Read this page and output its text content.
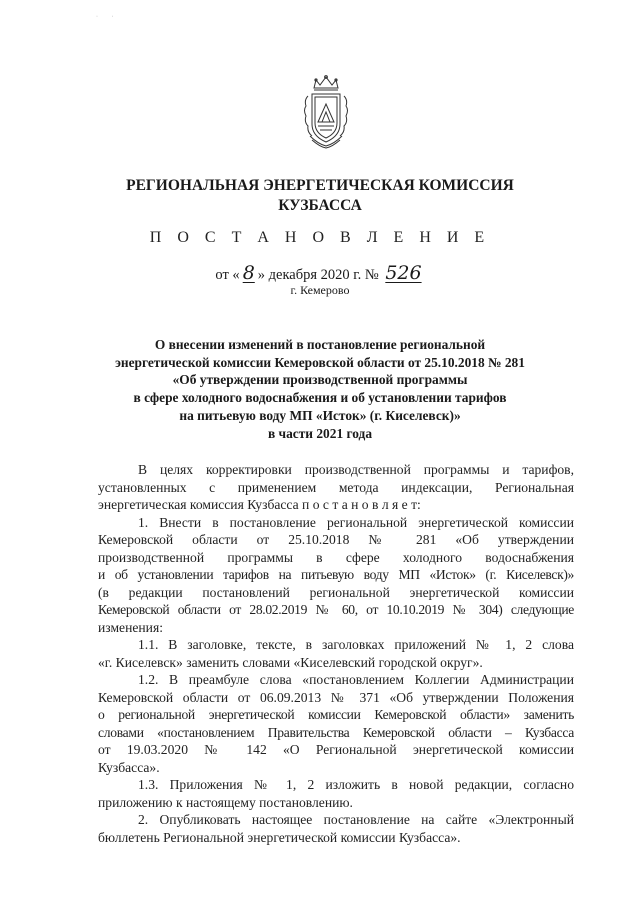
· ·
РЕГИОНАЛЬНАЯ ЭНЕРГЕТИЧЕСКАЯ КОМИССИЯ
КУЗБАССА
П О С Т А Н О В Л Е Н И Е
от « 8 » декабря 2020 г. № 526
г. Кемерово
О внесении изменений в постановление региональной
энергетической комиссии Кемеровской области от 25.10.2018 № 281
«Об утверждении производственной программы
в сфере холодного водоснабжения и об установлении тарифов
на питьевую воду МП «Исток» (г. Киселевск)»
в части 2021 года
В целях корректировки производственной программы и тарифов,
установленных с применением метода индексации, Региональная
энергетическая комиссия Кузбасса п о с т а н о в л я е т:
1. Внести в постановление региональной энергетической комиссии
Кемеровской области от 25.10.2018 № 281 «Об утверждении
производственной программы в сфере холодного водоснабжения
и об установлении тарифов на питьевую воду МП «Исток» (г. Киселевск)»
(в редакции постановлений региональной энергетической комиссии
Кемеровской области от 28.02.2019 № 60, от 10.10.2019 № 304) следующие
изменения:
1.1. В заголовке, тексте, в заголовках приложений № 1, 2 слова
«г. Киселевск» заменить словами «Киселевский городской округ».
1.2. В преамбуле слова «постановлением Коллегии Администрации
Кемеровской области от 06.09.2013 № 371 «Об утверждении Положения
о региональной энергетической комиссии Кемеровской области» заменить
словами «постановлением Правительства Кемеровской области – Кузбасса
от 19.03.2020 № 142 «О Региональной энергетической комиссии
Кузбасса».
1.3. Приложения № 1, 2 изложить в новой редакции, согласно
приложению к настоящему постановлению.
2. Опубликовать настоящее постановление на сайте «Электронный
бюллетень Региональной энергетической комиссии Кузбасса».
